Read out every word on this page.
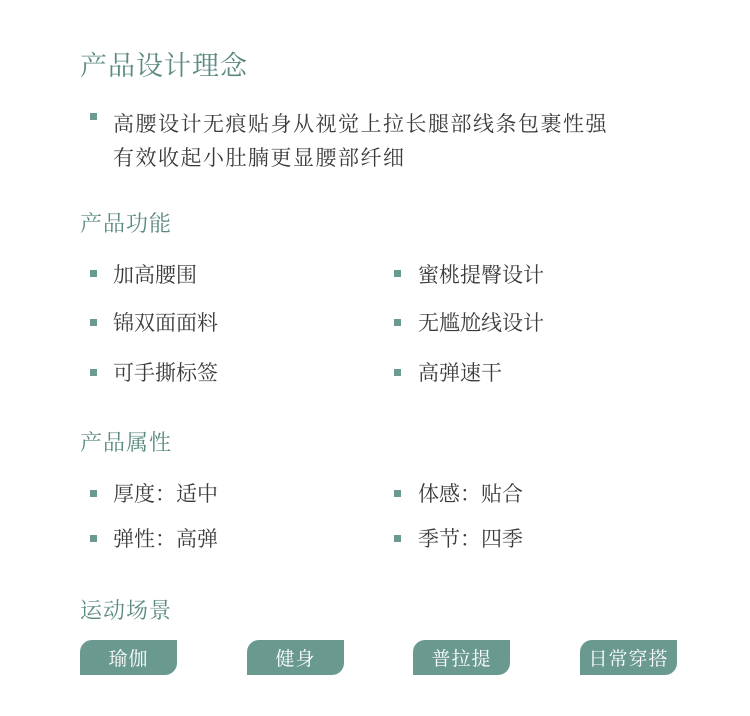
产品设计理念
高腰设计无痕贴身从视觉上拉长腿部线条包裹性强
有效收起小肚腩更显腰部纤细
产品功能
加高腰围	蜜桃提臀设计
锦双面面料	无尴尬线设计
可手撕标签	高弹速干
产品属性
厚度：适中	体感：贴合
弹性：高弹	季节：四季
运动场景
瑜伽	健身	普拉提	日常穿搭
